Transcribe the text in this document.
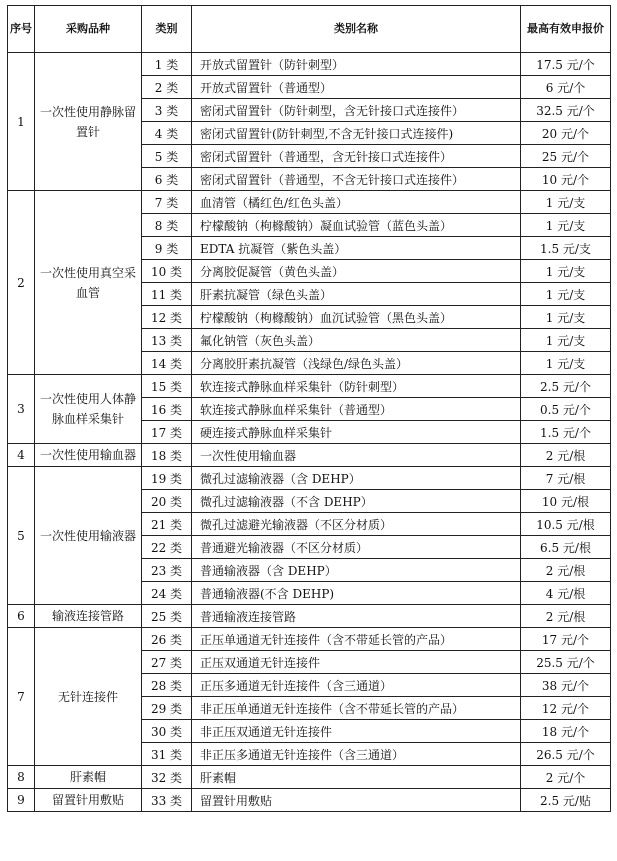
序号	采购品种	类别	类别名称	最高有效申报价
1	一次性使用静脉留置针	1 类	开放式留置针（防针刺型）	17.5 元/个
		2 类	开放式留置针（普通型）	6 元/个
		3 类	密闭式留置针（防针刺型，含无针接口式连接件）	32.5 元/个
		4 类	密闭式留置针(防针刺型,不含无针接口式连接件)	20 元/个
		5 类	密闭式留置针（普通型，含无针接口式连接件）	25 元/个
		6 类	密闭式留置针（普通型，不含无针接口式连接件）	10 元/个
2	一次性使用真空采血管	7 类	血清管（橘红色/红色头盖）	1 元/支
		8 类	柠檬酸钠（枸橼酸钠）凝血试验管（蓝色头盖）	1 元/支
		9 类	EDTA 抗凝管（紫色头盖）	1.5 元/支
		10 类	分离胶促凝管（黄色头盖）	1 元/支
		11 类	肝素抗凝管（绿色头盖）	1 元/支
		12 类	柠檬酸钠（枸橼酸钠）血沉试验管（黑色头盖）	1 元/支
		13 类	氟化钠管（灰色头盖）	1 元/支
		14 类	分离胶肝素抗凝管（浅绿色/绿色头盖）	1 元/支
3	一次性使用人体静脉血样采集针	15 类	软连接式静脉血样采集针（防针刺型）	2.5 元/个
		16 类	软连接式静脉血样采集针（普通型）	0.5 元/个
		17 类	硬连接式静脉血样采集针	1.5 元/个
4	一次性使用输血器	18 类	一次性使用输血器	2 元/根
5	一次性使用输液器	19 类	微孔过滤输液器（含 DEHP）	7 元/根
		20 类	微孔过滤输液器（不含 DEHP）	10 元/根
		21 类	微孔过滤避光输液器（不区分材质）	10.5 元/根
		22 类	普通避光输液器（不区分材质）	6.5 元/根
		23 类	普通输液器（含 DEHP）	2 元/根
		24 类	普通输液器(不含 DEHP)	4 元/根
6	输液连接管路	25 类	普通输液连接管路	2 元/根
7	无针连接件	26 类	正压单通道无针连接件（含不带延长管的产品）	17 元/个
		27 类	正压双通道无针连接件	25.5 元/个
		28 类	正压多通道无针连接件（含三通道）	38 元/个
		29 类	非正压单通道无针连接件（含不带延长管的产品）	12 元/个
		30 类	非正压双通道无针连接件	18 元/个
		31 类	非正压多通道无针连接件（含三通道）	26.5 元/个
8	肝素帽	32 类	肝素帽	2 元/个
9	留置针用敷贴	33 类	留置针用敷贴	2.5 元/贴
